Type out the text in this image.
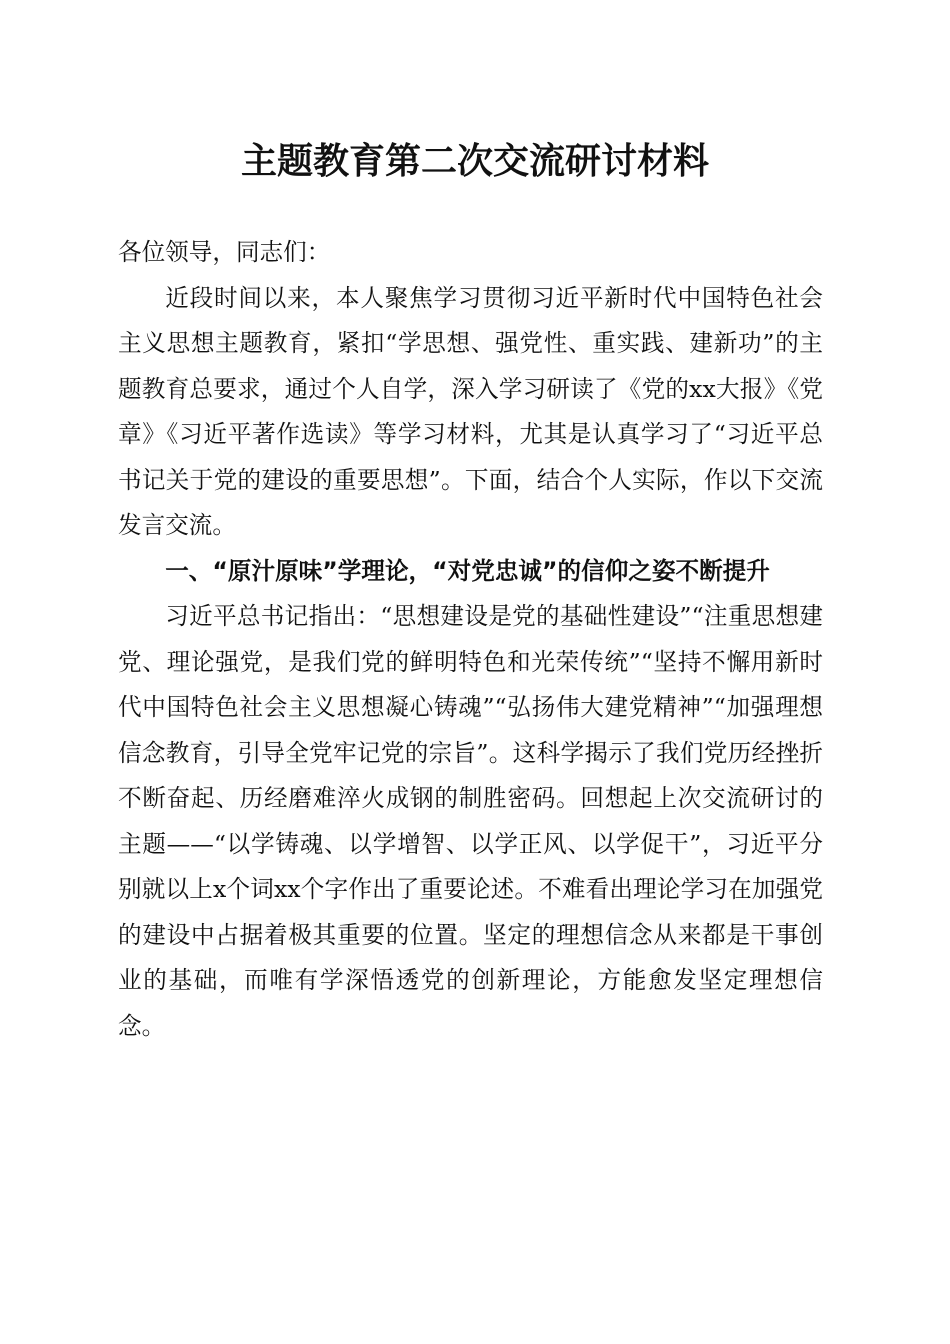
主题教育第二次交流研讨材料

各位领导，同志们：

近段时间以来，本人聚焦学习贯彻习近平新时代中国特色社会主义思想主题教育，紧扣“学思想、强党性、重实践、建新功”的主题教育总要求，通过个人自学，深入学习研读了《党的xx大报》《党章》《习近平著作选读》等学习材料，尤其是认真学习了“习近平总书记关于党的建设的重要思想”。下面，结合个人实际，作以下交流发言交流。

一、“原汁原味”学理论，“对党忠诚”的信仰之姿不断提升

习近平总书记指出：“思想建设是党的基础性建设”“注重思想建党、理论强党，是我们党的鲜明特色和光荣传统”“坚持不懈用新时代中国特色社会主义思想凝心铸魂”“弘扬伟大建党精神”“加强理想信念教育，引导全党牢记党的宗旨”。这科学揭示了我们党历经挫折不断奋起、历经磨难淬火成钢的制胜密码。回想起上次交流研讨的主题——“以学铸魂、以学增智、以学正风、以学促干”，习近平分别就以上x个词xx个字作出了重要论述。不难看出理论学习在加强党的建设中占据着极其重要的位置。坚定的理想信念从来都是干事创业的基础，而唯有学深悟透党的创新理论，方能愈发坚定理想信念。
